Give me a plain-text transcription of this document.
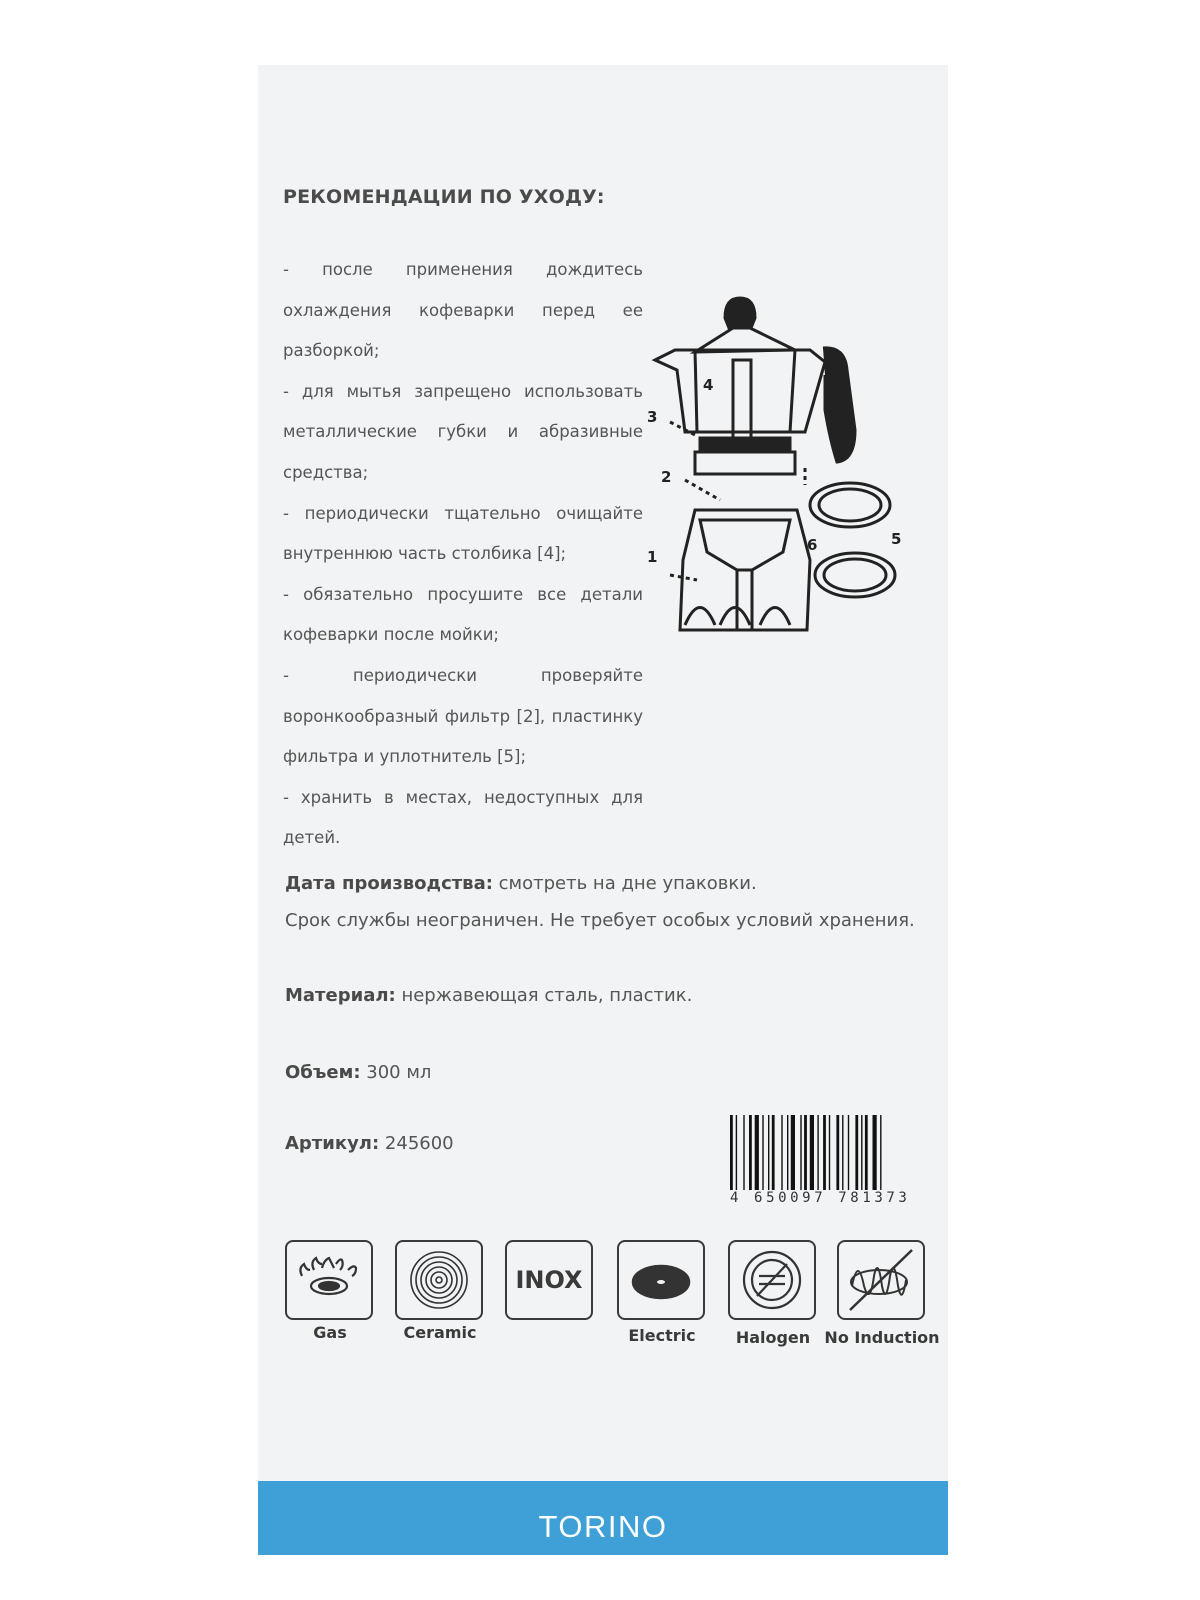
РЕКОМЕНДАЦИИ ПО УХОДУ:

- после применения дождитесь охлаждения кофеварки перед ее разборкой;

- для мытья запрещено использовать металлические губки и абразивные средства;

- периодически тщательно очищайте внутреннюю часть столбика [4];

- обязательно просушите все детали кофеварки после мойки;

- периодически проверяйте воронкообразный фильтр [2], пластинку фильтра и уплотнитель [5];

- хранить в местах, недоступных для детей.

1
2
3
4
5
6
Дата производства: смотреть на дне упаковки.
Срок службы неограничен. Не требует особых условий хранения.
Материал: нержавеющая сталь, пластик.
Объем: 300 мл
Артикул: 245600
4 650097 781373
INOX
Gas	Ceramic	Electric	Halogen No Induction
TORINO
